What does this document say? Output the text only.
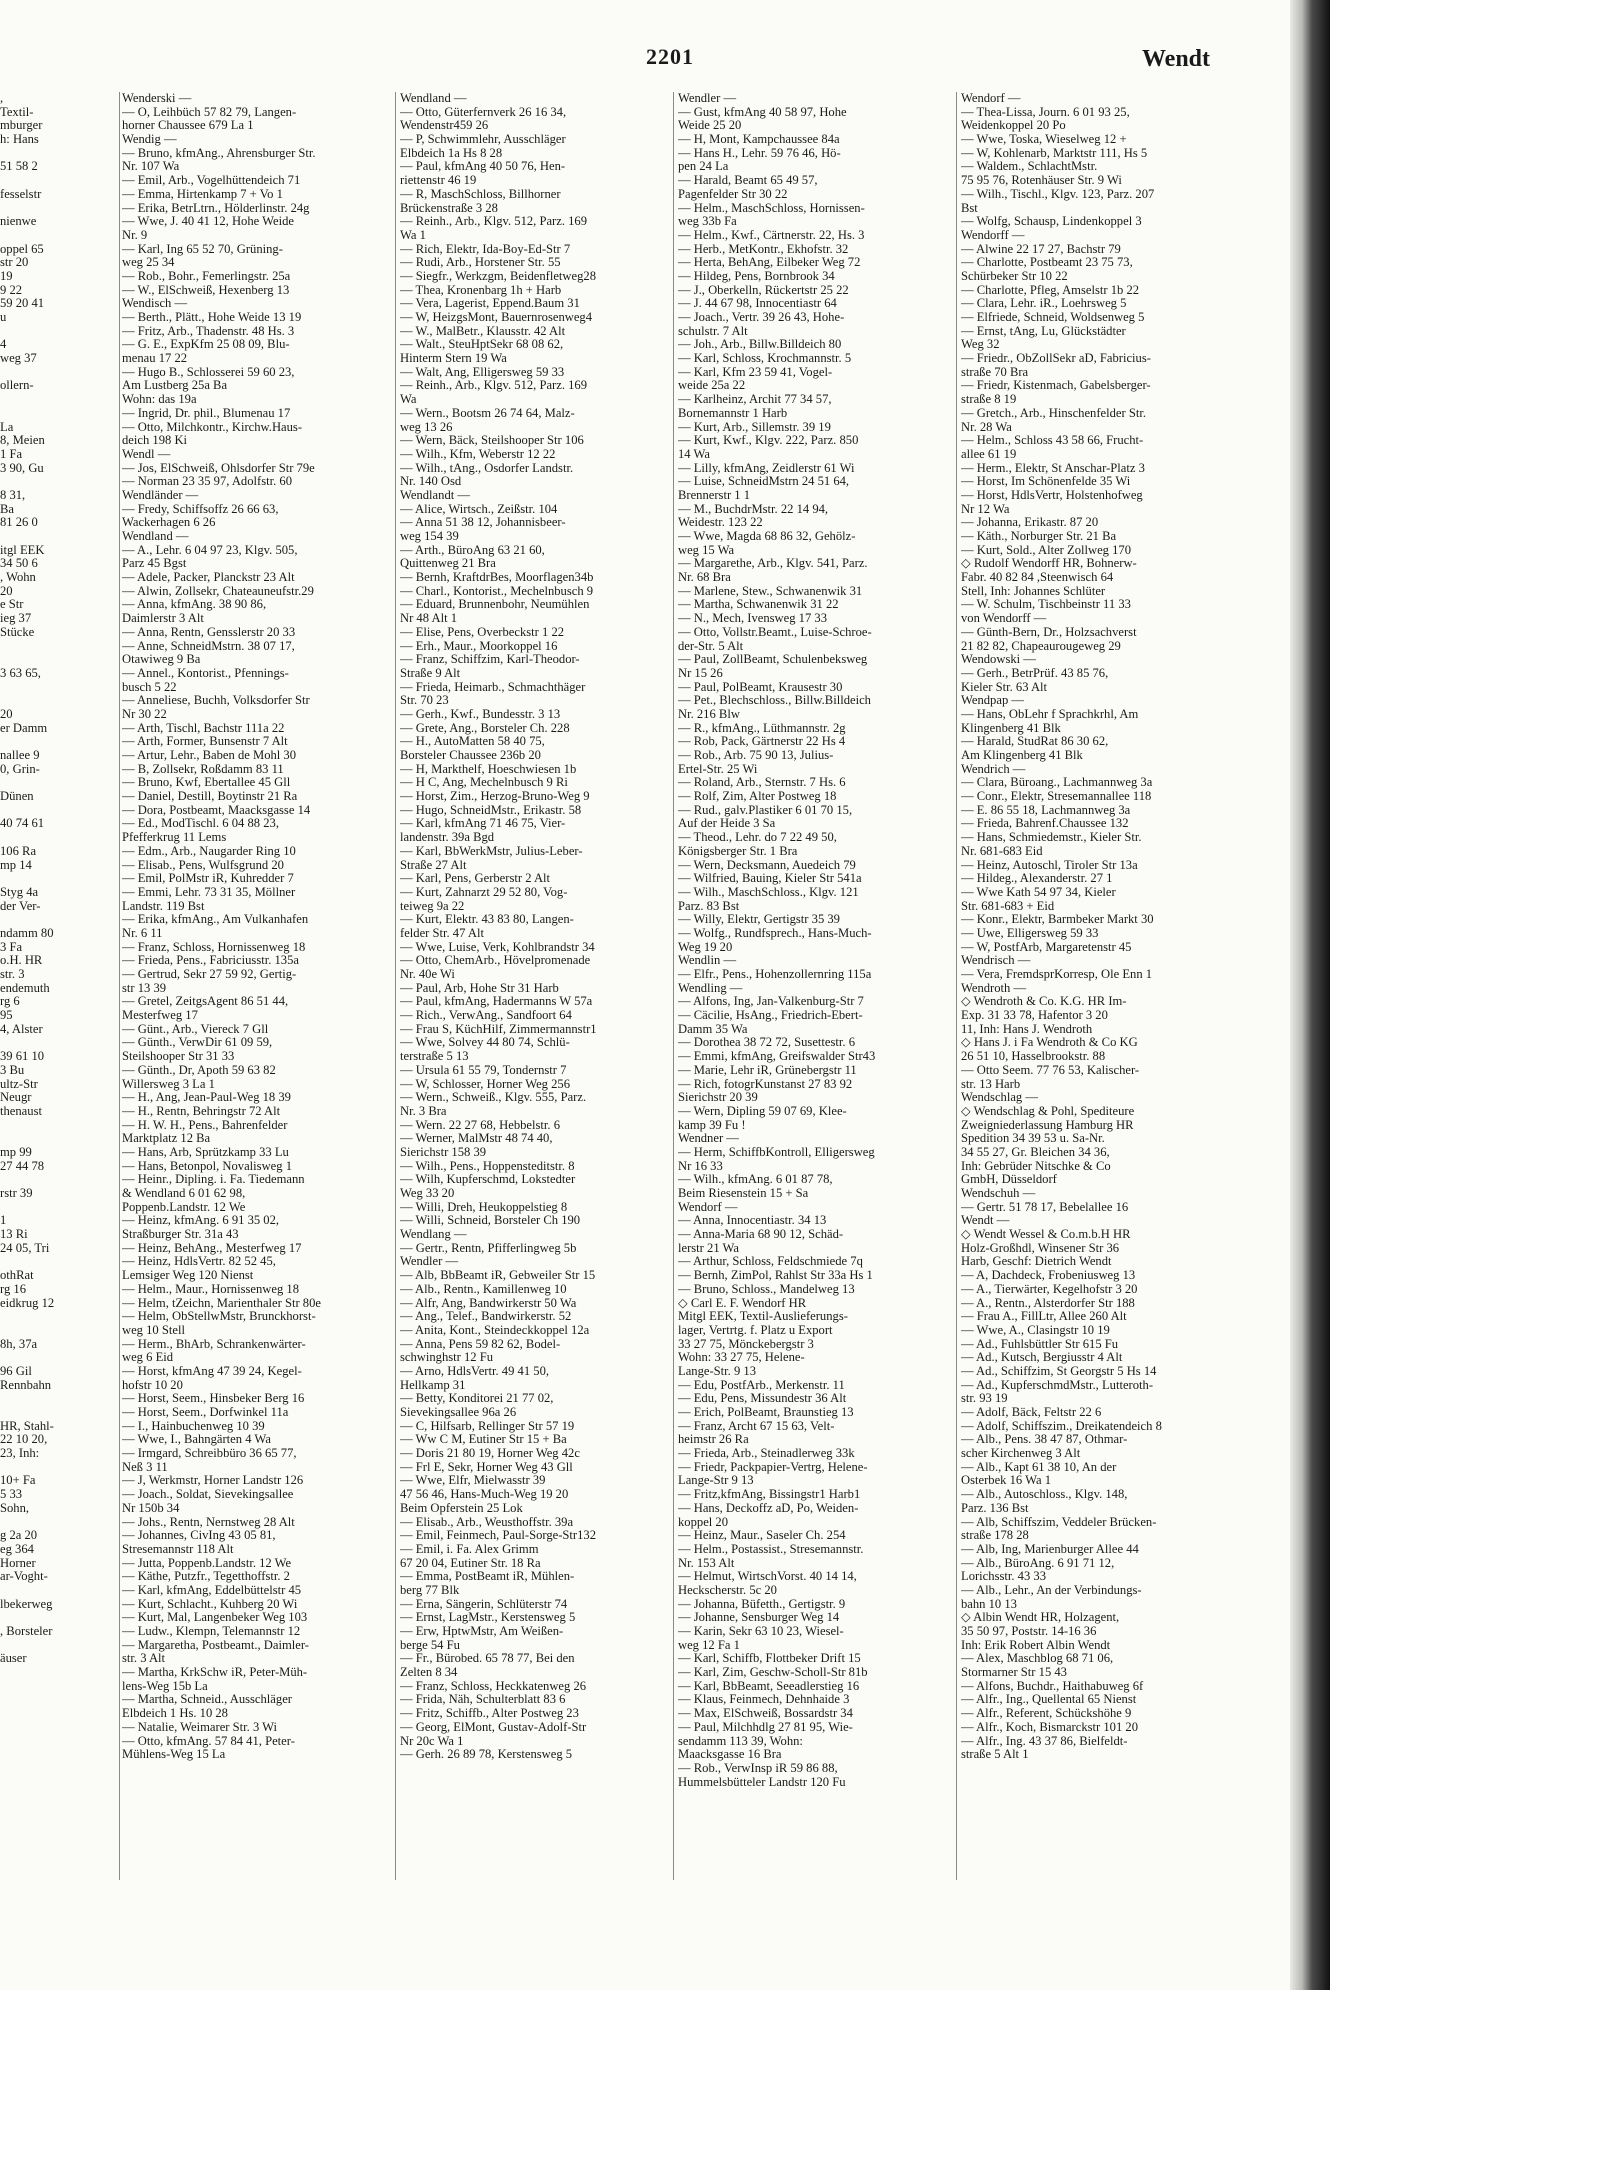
2201	Wendt
,
Textil-
mburger
h: Hans
51 58 2
fesselstr
nienwe
oppel 65
str 20
19
9 22
59 20 41
u
4
weg 37
ollern-
La
8, Meien
1 Fa
3 90, Gu
8 31,
Ba
81 26 0
itgl EEK
34 50 6
, Wohn
20
e Str
ieg 37
Stücke
3 63 65,
20
er Damm
nallee 9
0, Grin-
Dünen
40 74 61
106 Ra
mp 14
Styg 4a
der Ver-
ndamm 80
3 Fa
o.H. HR
str. 3
endemuth
rg 6
95
4, Alster
39 61 10
3 Bu
ultz-Str
Neugr
thenaust
mp 99
27 44 78
rstr 39
1
13 Ri
24 05, Tri
othRat
rg 16
eidkrug 12
8h, 37a
96 Gil
Rennbahn
HR, Stahl-
22 10 20,
23, Inh:
10+ Fa
5 33
Sohn,
g 2a 20
eg 364
Horner
ar-Voght-
lbekerweg
, Borsteler
äuser
Wenderski —
— O, Leihbüch 57 82 79, Langen-
horner Chaussee 679 La 1
Wendig —
— Bruno, kfmAng., Ahrensburger Str.
Nr. 107 Wa
— Emil, Arb., Vogelhüttendeich 71
— Emma, Hirtenkamp 7 + Vo 1
— Erika, BetrLtrn., Hölderlinstr. 24g
— Wwe, J. 40 41 12, Hohe Weide
Nr. 9
— Karl, Ing 65 52 70, Grüning-
weg 25 34
— Rob., Bohr., Femerlingstr. 25a
— W., ElSchweiß, Hexenberg 13
Wendisch —
— Berth., Plätt., Hohe Weide 13 19
— Fritz, Arb., Thadenstr. 48 Hs. 3
— G. E., ExpKfm 25 08 09, Blu-
menau 17 22
— Hugo B., Schlosserei 59 60 23,
Am Lustberg 25a Ba
Wohn: das 19a
— Ingrid, Dr. phil., Blumenau 17
— Otto, Milchkontr., Kirchw.Haus-
deich 198 Ki
Wendl —
— Jos, ElSchweiß, Ohlsdorfer Str 79e
— Norman 23 35 97, Adolfstr. 60
Wendländer —
— Fredy, Schiffsoffz 26 66 63,
Wackerhagen 6 26
Wendland —
— A., Lehr. 6 04 97 23, Klgv. 505,
Parz 45 Bgst
— Adele, Packer, Planckstr 23 Alt
— Alwin, Zollsekr, Chateauneufstr.29
— Anna, kfmAng. 38 90 86,
Daimlerstr 3 Alt
— Anna, Rentn, Gensslerstr 20 33
— Anne, SchneidMstrn. 38 07 17,
Otawiweg 9 Ba
— Annel., Kontorist., Pfennings-
busch 5 22
— Anneliese, Buchh, Volksdorfer Str
Nr 30 22
— Arth, Tischl, Bachstr 111a 22
— Arth, Former, Bunsenstr 7 Alt
— Artur, Lehr., Baben de Mohl 30
— B, Zollsekr, Roßdamm 83 11
— Bruno, Kwf, Ebertallee 45 Gll
— Daniel, Destill, Boytinstr 21 Ra
— Dora, Postbeamt, Maacksgasse 14
— Ed., ModTischl. 6 04 88 23,
Pfefferkrug 11 Lems
— Edm., Arb., Naugarder Ring 10
— Elisab., Pens, Wulfsgrund 20
— Emil, PolMstr iR, Kuhredder 7
— Emmi, Lehr. 73 31 35, Möllner
Landstr. 119 Bst
— Erika, kfmAng., Am Vulkanhafen
Nr. 6 11
— Franz, Schloss, Hornissenweg 18
— Frieda, Pens., Fabriciusstr. 135a
— Gertrud, Sekr 27 59 92, Gertig-
str 13 39
— Gretel, ZeitgsAgent 86 51 44,
Mesterfweg 17
— Günt., Arb., Viereck 7 Gll
— Günth., VerwDir 61 09 59,
Steilshooper Str 31 33
— Günth., Dr, Apoth 59 63 82
Willersweg 3 La 1
— H., Ang, Jean-Paul-Weg 18 39
— H., Rentn, Behringstr 72 Alt
— H. W. H., Pens., Bahrenfelder
Marktplatz 12 Ba
— Hans, Arb, Sprützkamp 33 Lu
— Hans, Betonpol, Novalisweg 1
— Heinr., Dipling. i. Fa. Tiedemann
& Wendland 6 01 62 98,
Poppenb.Landstr. 12 We
— Heinz, kfmAng. 6 91 35 02,
Straßburger Str. 31a 43
— Heinz, BehAng., Mesterfweg 17
— Heinz, HdlsVertr. 82 52 45,
Lemsiger Weg 120 Nienst
— Helm., Maur., Hornissenweg 18
— Helm, tZeichn, Marienthaler Str 80e
— Helm, ObStellwMstr, Brunckhorst-
weg 10 Stell
— Herm., BhArb, Schrankenwärter-
weg 6 Eid
— Horst, kfmAng 47 39 24, Kegel-
hofstr 10 20
— Horst, Seem., Hinsbeker Berg 16
— Horst, Seem., Dorfwinkel 11a
— I., Hainbuchenweg 10 39
— Wwe, I., Bahngärten 4 Wa
— Irmgard, Schreibbüro 36 65 77,
Neß 3 11
— J, Werkmstr, Horner Landstr 126
— Joach., Soldat, Sievekingsallee
Nr 150b 34
— Johs., Rentn, Nernstweg 28 Alt
— Johannes, CivIng 43 05 81,
Stresemannstr 118 Alt
— Jutta, Poppenb.Landstr. 12 We
— Käthe, Putzfr., Tegetthoffstr. 2
— Karl, kfmAng, Eddelbüttelstr 45
— Kurt, Schlacht., Kuhberg 20 Wi
— Kurt, Mal, Langenbeker Weg 103
— Ludw., Klempn, Telemannstr 12
— Margaretha, Postbeamt., Daimler-
str. 3 Alt
— Martha, KrkSchw iR, Peter-Müh-
lens-Weg 15b La
— Martha, Schneid., Ausschläger
Elbdeich 1 Hs. 10 28
— Natalie, Weimarer Str. 3 Wi
— Otto, kfmAng. 57 84 41, Peter-
Mühlens-Weg 15 La
Wendland —
— Otto, Güterfernverk 26 16 34,
Wendenstr459 26
— P, Schwimmlehr, Ausschläger
Elbdeich 1a Hs 8 28
— Paul, kfmAng 40 50 76, Hen-
riettenstr 46 19
— R, MaschSchloss, Billhorner
Brückenstraße 3 28
— Reinh., Arb., Klgv. 512, Parz. 169
Wa 1
— Rich, Elektr, Ida-Boy-Ed-Str 7
— Rudi, Arb., Horstener Str. 55
— Siegfr., Werkzgm, Beidenfletweg28
— Thea, Kronenbarg 1h + Harb
— Vera, Lagerist, Eppend.Baum 31
— W, HeizgsMont, Bauernrosenweg4
— W., MalBetr., Klausstr. 42 Alt
— Walt., SteuHptSekr 68 08 62,
Hinterm Stern 19 Wa
— Walt, Ang, Elligersweg 59 33
— Reinh., Arb., Klgv. 512, Parz. 169
Wa
— Wern., Bootsm 26 74 64, Malz-
weg 13 26
— Wern, Bäck, Steilshooper Str 106
— Wilh., Kfm, Weberstr 12 22
— Wilh., tAng., Osdorfer Landstr.
Nr. 140 Osd
Wendlandt —
— Alice, Wirtsch., Zeißstr. 104
— Anna 51 38 12, Johannisbeer-
weg 154 39
— Arth., BüroAng 63 21 60,
Quittenweg 21 Bra
— Bernh, KraftdrBes, Moorflagen34b
— Charl., Kontorist., Mechelnbusch 9
— Eduard, Brunnenbohr, Neumühlen
Nr 48 Alt 1
— Elise, Pens, Overbeckstr 1 22
— Erh., Maur., Moorkoppel 16
— Franz, Schiffzim, Karl-Theodor-
Straße 9 Alt
— Frieda, Heimarb., Schmachthäger
Str. 70 23
— Gerh., Kwf., Bundesstr. 3 13
— Grete, Ang., Borsteler Ch. 228
— H., AutoMatten 58 40 75,
Borsteler Chaussee 236b 20
— H, Markthelf, Hoeschwiesen 1b
— H C, Ang, Mechelnbusch 9 Ri
— Horst, Zim., Herzog-Bruno-Weg 9
— Hugo, SchneidMstr., Erikastr. 58
— Karl, kfmAng 71 46 75, Vier-
landenstr. 39a Bgd
— Karl, BbWerkMstr, Julius-Leber-
Straße 27 Alt
— Karl, Pens, Gerberstr 2 Alt
— Kurt, Zahnarzt 29 52 80, Vog-
teiweg 9a 22
— Kurt, Elektr. 43 83 80, Langen-
felder Str. 47 Alt
— Wwe, Luise, Verk, Kohlbrandstr 34
— Otto, ChemArb., Hövelpromenade
Nr. 40e Wi
— Paul, Arb, Hohe Str 31 Harb
— Paul, kfmAng, Hadermanns W 57a
— Rich., VerwAng., Sandfoort 64
— Frau S, KüchHilf, Zimmermannstr1
— Wwe, Solvey 44 80 74, Schlü-
terstraße 5 13
— Ursula 61 55 79, Tondernstr 7
— W, Schlosser, Horner Weg 256
— Wern., Schweiß., Klgv. 555, Parz.
Nr. 3 Bra
— Wern. 22 27 68, Hebbelstr. 6
— Werner, MalMstr 48 74 40,
Sierichstr 158 39
— Wilh., Pens., Hoppensteditstr. 8
— Wilh, Kupferschmd, Lokstedter
Weg 33 20
— Willi, Dreh, Heukoppelstieg 8
— Willi, Schneid, Borsteler Ch 190
Wendlang —
— Gertr., Rentn, Pfifferlingweg 5b
Wendler —
— Alb, BbBeamt iR, Gebweiler Str 15
— Alb., Rentn., Kamillenweg 10
— Alfr, Ang, Bandwirkerstr 50 Wa
— Ang., Telef., Bandwirkerstr. 52
— Anita, Kont., Steindeckkoppel 12a
— Anna, Pens 59 82 62, Bodel-
schwinghstr 12 Fu
— Arno, HdlsVertr. 49 41 50,
Hellkamp 31
— Betty, Konditorei 21 77 02,
Sievekingsallee 96a 26
— C, Hilfsarb, Rellinger Str 57 19
— Ww C M, Eutiner Str 15 + Ba
— Doris 21 80 19, Horner Weg 42c
— Frl E, Sekr, Horner Weg 43 Gll
— Wwe, Elfr, Mielwasstr 39
47 56 46, Hans-Much-Weg 19 20
Beim Opferstein 25 Lok
— Elisab., Arb., Weusthoffstr. 39a
— Emil, Feinmech, Paul-Sorge-Str132
— Emil, i. Fa. Alex Grimm
67 20 04, Eutiner Str. 18 Ra
— Emma, PostBeamt iR, Mühlen-
berg 77 Blk
— Erna, Sängerin, Schlüterstr 74
— Ernst, LagMstr., Kerstensweg 5
— Erw, HptwMstr, Am Weißen-
berge 54 Fu
— Fr., Bürobed. 65 78 77, Bei den
Zelten 8 34
— Franz, Schloss, Heckkatenweg 26
— Frida, Näh, Schulterblatt 83 6
— Fritz, Schiffb., Alter Postweg 23
— Georg, ElMont, Gustav-Adolf-Str
Nr 20c Wa 1
— Gerh. 26 89 78, Kerstensweg 5
Wendler —
— Gust, kfmAng 40 58 97, Hohe
Weide 25 20
— H, Mont, Kampchaussee 84a
— Hans H., Lehr. 59 76 46, Hö-
pen 24 La
— Harald, Beamt 65 49 57,
Pagenfelder Str 30 22
— Helm., MaschSchloss, Hornissen-
weg 33b Fa
— Helm., Kwf., Cärtnerstr. 22, Hs. 3
— Herb., MetKontr., Ekhofstr. 32
— Herta, BehAng, Eilbeker Weg 72
— Hildeg, Pens, Bornbrook 34
— J., Oberkelln, Rückertstr 25 22
— J. 44 67 98, Innocentiastr 64
— Joach., Vertr. 39 26 43, Hohe-
schulstr. 7 Alt
— Joh., Arb., Billw.Billdeich 80
— Karl, Schloss, Krochmannstr. 5
— Karl, Kfm 23 59 41, Vogel-
weide 25a 22
— Karlheinz, Archit 77 34 57,
Bornemannstr 1 Harb
— Kurt, Arb., Sillemstr. 39 19
— Kurt, Kwf., Klgv. 222, Parz. 850
14 Wa
— Lilly, kfmAng, Zeidlerstr 61 Wi
— Luise, SchneidMstrn 24 51 64,
Brennerstr 1 1
— M., BuchdrMstr. 22 14 94,
Weidestr. 123 22
— Wwe, Magda 68 86 32, Gehölz-
weg 15 Wa
— Margarethe, Arb., Klgv. 541, Parz.
Nr. 68 Bra
— Marlene, Stew., Schwanenwik 31
— Martha, Schwanenwik 31 22
— N., Mech, Ivensweg 17 33
— Otto, Vollstr.Beamt., Luise-Schroe-
der-Str. 5 Alt
— Paul, ZollBeamt, Schulenbeksweg
Nr 15 26
— Paul, PolBeamt, Krausestr 30
— Pet., Blechschloss., Billw.Billdeich
Nr. 216 Blw
— R., kfmAng., Lüthmannstr. 2g
— Rob, Pack, Gärtnerstr 22 Hs 4
— Rob., Arb. 75 90 13, Julius-
Ertel-Str. 25 Wi
— Roland, Arb., Sternstr. 7 Hs. 6
— Rolf, Zim, Alter Postweg 18
— Rud., galv.Plastiker 6 01 70 15,
Auf der Heide 3 Sa
— Theod., Lehr. do 7 22 49 50,
Königsberger Str. 1 Bra
— Wern, Decksmann, Auedeich 79
— Wilfried, Bauing, Kieler Str 541a
— Wilh., MaschSchloss., Klgv. 121
Parz. 83 Bst
— Willy, Elektr, Gertigstr 35 39
— Wolfg., Rundfsprech., Hans-Much-
Weg 19 20
Wendlin —
— Elfr., Pens., Hohenzollernring 115a
Wendling —
— Alfons, Ing, Jan-Valkenburg-Str 7
— Cäcilie, HsAng., Friedrich-Ebert-
Damm 35 Wa
— Dorothea 38 72 72, Susettestr. 6
— Emmi, kfmAng, Greifswalder Str43
— Marie, Lehr iR, Grünebergstr 11
— Rich, fotogrKunstanst 27 83 92
Sierichstr 20 39
— Wern, Dipling 59 07 69, Klee-
kamp 39 Fu !
Wendner —
— Herm, SchiffbKontroll, Elligersweg
Nr 16 33
— Wilh., kfmAng. 6 01 87 78,
Beim Riesenstein 15 + Sa
Wendorf —
— Anna, Innocentiastr. 34 13
— Anna-Maria 68 90 12, Schäd-
lerstr 21 Wa
— Arthur, Schloss, Feldschmiede 7q
— Bernh, ZimPol, Rahlst Str 33a Hs 1
— Bruno, Schloss., Mandelweg 13
◇ Carl E. F. Wendorf HR
Mitgl EEK, Textil-Auslieferungs-
lager, Vertrtg. f. Platz u Export
33 27 75, Mönckebergstr 3
Wohn: 33 27 75, Helene-
Lange-Str. 9 13
— Edu, PostfArb., Merkenstr. 11
— Edu, Pens, Missundestr 36 Alt
— Erich, PolBeamt, Braunstieg 13
— Franz, Archt 67 15 63, Velt-
heimstr 26 Ra
— Frieda, Arb., Steinadlerweg 33k
— Friedr, Packpapier-Vertrg, Helene-
Lange-Str 9 13
— Fritz,kfmAng, Bissingstr1 Harb1
— Hans, Deckoffz aD, Po, Weiden-
koppel 20
— Heinz, Maur., Saseler Ch. 254
— Helm., Postassist., Stresemannstr.
Nr. 153 Alt
— Helmut, WirtschVorst. 40 14 14,
Heckscherstr. 5c 20
— Johanna, Büfetth., Gertigstr. 9
— Johanne, Sensburger Weg 14
— Karin, Sekr 63 10 23, Wiesel-
weg 12 Fa 1
— Karl, Schiffb, Flottbeker Drift 15
— Karl, Zim, Geschw-Scholl-Str 81b
— Karl, BbBeamt, Seeadlerstieg 16
— Klaus, Feinmech, Dehnhaide 3
— Max, ElSchweiß, Bossardstr 34
— Paul, Milchhdlg 27 81 95, Wie-
sendamm 113 39, Wohn:
Maacksgasse 16 Bra
— Rob., VerwInsp iR 59 86 88,
Hummelsbütteler Landstr 120 Fu
Wendorf —
— Thea-Lissa, Journ. 6 01 93 25,
Weidenkoppel 20 Po
— Wwe, Toska, Wieselweg 12 +
— W, Kohlenarb, Marktstr 111, Hs 5
— Waldem., SchlachtMstr.
75 95 76, Rotenhäuser Str. 9 Wi
— Wilh., Tischl., Klgv. 123, Parz. 207
Bst
— Wolfg, Schausp, Lindenkoppel 3
Wendorff —
— Alwine 22 17 27, Bachstr 79
— Charlotte, Postbeamt 23 75 73,
Schürbeker Str 10 22
— Charlotte, Pfleg, Amselstr 1b 22
— Clara, Lehr. iR., Loehrsweg 5
— Elfriede, Schneid, Woldsenweg 5
— Ernst, tAng, Lu, Glückstädter
Weg 32
— Friedr., ObZollSekr aD, Fabricius-
straße 70 Bra
— Friedr, Kistenmach, Gabelsberger-
straße 8 19
— Gretch., Arb., Hinschenfelder Str.
Nr. 28 Wa
— Helm., Schloss 43 58 66, Frucht-
allee 61 19
— Herm., Elektr, St Anschar-Platz 3
— Horst, Im Schönenfelde 35 Wi
— Horst, HdlsVertr, Holstenhofweg
Nr 12 Wa
— Johanna, Erikastr. 87 20
— Käth., Norburger Str. 21 Ba
— Kurt, Sold., Alter Zollweg 170
◇ Rudolf Wendorff HR, Bohnerw-
Fabr. 40 82 84 ,Steenwisch 64
Stell, Inh: Johannes Schlüter
— W. Schulm, Tischbeinstr 11 33
von Wendorff —
— Günth-Bern, Dr., Holzsachverst
21 82 82, Chapeaurougeweg 29
Wendowski —
— Gerh., BetrPrüf. 43 85 76,
Kieler Str. 63 Alt
Wendpap —
— Hans, ObLehr f Sprachkrhl, Am
Klingenberg 41 Blk
— Harald, StudRat 86 30 62,
Am Klingenberg 41 Blk
Wendrich —
— Clara, Büroang., Lachmannweg 3a
— Conr., Elektr, Stresemannallee 118
— E. 86 55 18, Lachmannweg 3a
— Frieda, Bahrenf.Chaussee 132
— Hans, Schmiedemstr., Kieler Str.
Nr. 681-683 Eid
— Heinz, Autoschl, Tiroler Str 13a
— Hildeg., Alexanderstr. 27 1
— Wwe Kath 54 97 34, Kieler
Str. 681-683 + Eid
— Konr., Elektr, Barmbeker Markt 30
— Uwe, Elligersweg 59 33
— W, PostfArb, Margaretenstr 45
Wendrisch —
— Vera, FremdsprKorresp, Ole Enn 1
Wendroth —
◇ Wendroth & Co. K.G. HR Im-
Exp. 31 33 78, Hafentor 3 20
11, Inh: Hans J. Wendroth
◇ Hans J. i Fa Wendroth & Co KG
26 51 10, Hasselbrookstr. 88
— Otto Seem. 77 76 53, Kalischer-
str. 13 Harb
Wendschlag —
◇ Wendschlag & Pohl, Spediteure
Zweigniederlassung Hamburg HR
Spedition 34 39 53 u. Sa-Nr.
34 55 27, Gr. Bleichen 34 36,
Inh: Gebrüder Nitschke & Co
GmbH, Düsseldorf
Wendschuh —
— Gertr. 51 78 17, Bebelallee 16
Wendt —
◇ Wendt Wessel & Co.m.b.H HR
Holz-Großhdl, Winsener Str 36
Harb, Geschf: Dietrich Wendt
— A, Dachdeck, Frobeniusweg 13
— A., Tierwärter, Kegelhofstr 3 20
— A., Rentn., Alsterdorfer Str 188
— Frau A., FillLtr, Allee 260 Alt
— Wwe, A., Clasingstr 10 19
— Ad., Fuhlsbüttler Str 615 Fu
— Ad., Kutsch, Bergiusstr 4 Alt
— Ad., Schiffzim, St Georgstr 5 Hs 14
— Ad., KupferschmdMstr., Lutteroth-
str. 93 19
— Adolf, Bäck, Feltstr 22 6
— Adolf, Schiffszim., Dreikatendeich 8
— Alb., Pens. 38 47 87, Othmar-
scher Kirchenweg 3 Alt
— Alb., Kapt 61 38 10, An der
Osterbek 16 Wa 1
— Alb., Autoschloss., Klgv. 148,
Parz. 136 Bst
— Alb, Schiffszim, Veddeler Brücken-
straße 178 28
— Alb, Ing, Marienburger Allee 44
— Alb., BüroAng. 6 91 71 12,
Lorichsstr. 43 33
— Alb., Lehr., An der Verbindungs-
bahn 10 13
◇ Albin Wendt HR, Holzagent,
35 50 97, Poststr. 14-16 36
Inh: Erik Robert Albin Wendt
— Alex, Maschblog 68 71 06,
Stormarner Str 15 43
— Alfons, Buchdr., Haithabuweg 6f
— Alfr., Ing., Quellental 65 Nienst
— Alfr., Referent, Schückshöhe 9
— Alfr., Koch, Bismarckstr 101 20
— Alfr., Ing. 43 37 86, Bielfeldt-
straße 5 Alt 1
